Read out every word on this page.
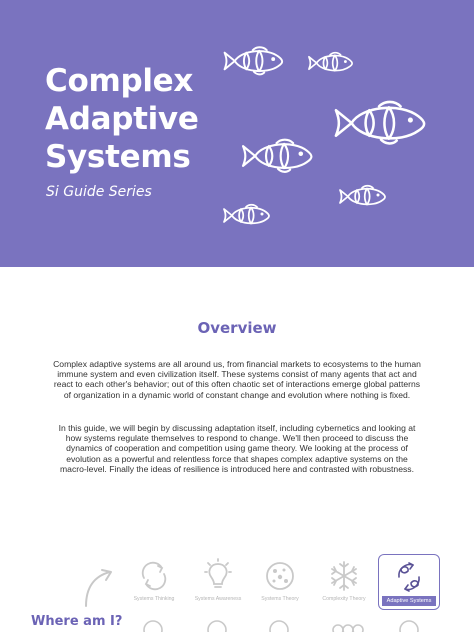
Complex
Adaptive
Systems
Si Guide Series
Overview

Complex adaptive systems are all around us, from financial markets to ecosystems to the human immune system and even civilization itself. These systems consist of many agents that act and react to each other's behavior; out of this often chaotic set of interactions emerge global patterns of organization in a dynamic world of constant change and evolution where nothing is fixed.

In this guide, we will begin by discussing adaptation itself, including cybernetics and looking at how systems regulate themselves to respond to change. We'll then proceed to discuss the dynamics of cooperation and competition using game theory. We looking at the process of evolution as a powerful and relentless force that shapes complex adaptive systems on the macro-level. Finally the ideas of resilience is introduced here and contrasted with robustness.

Systems Thinking	Systems Awareness	Systems Theory	Complexity Theory	Adaptive Systems
Where am I?
